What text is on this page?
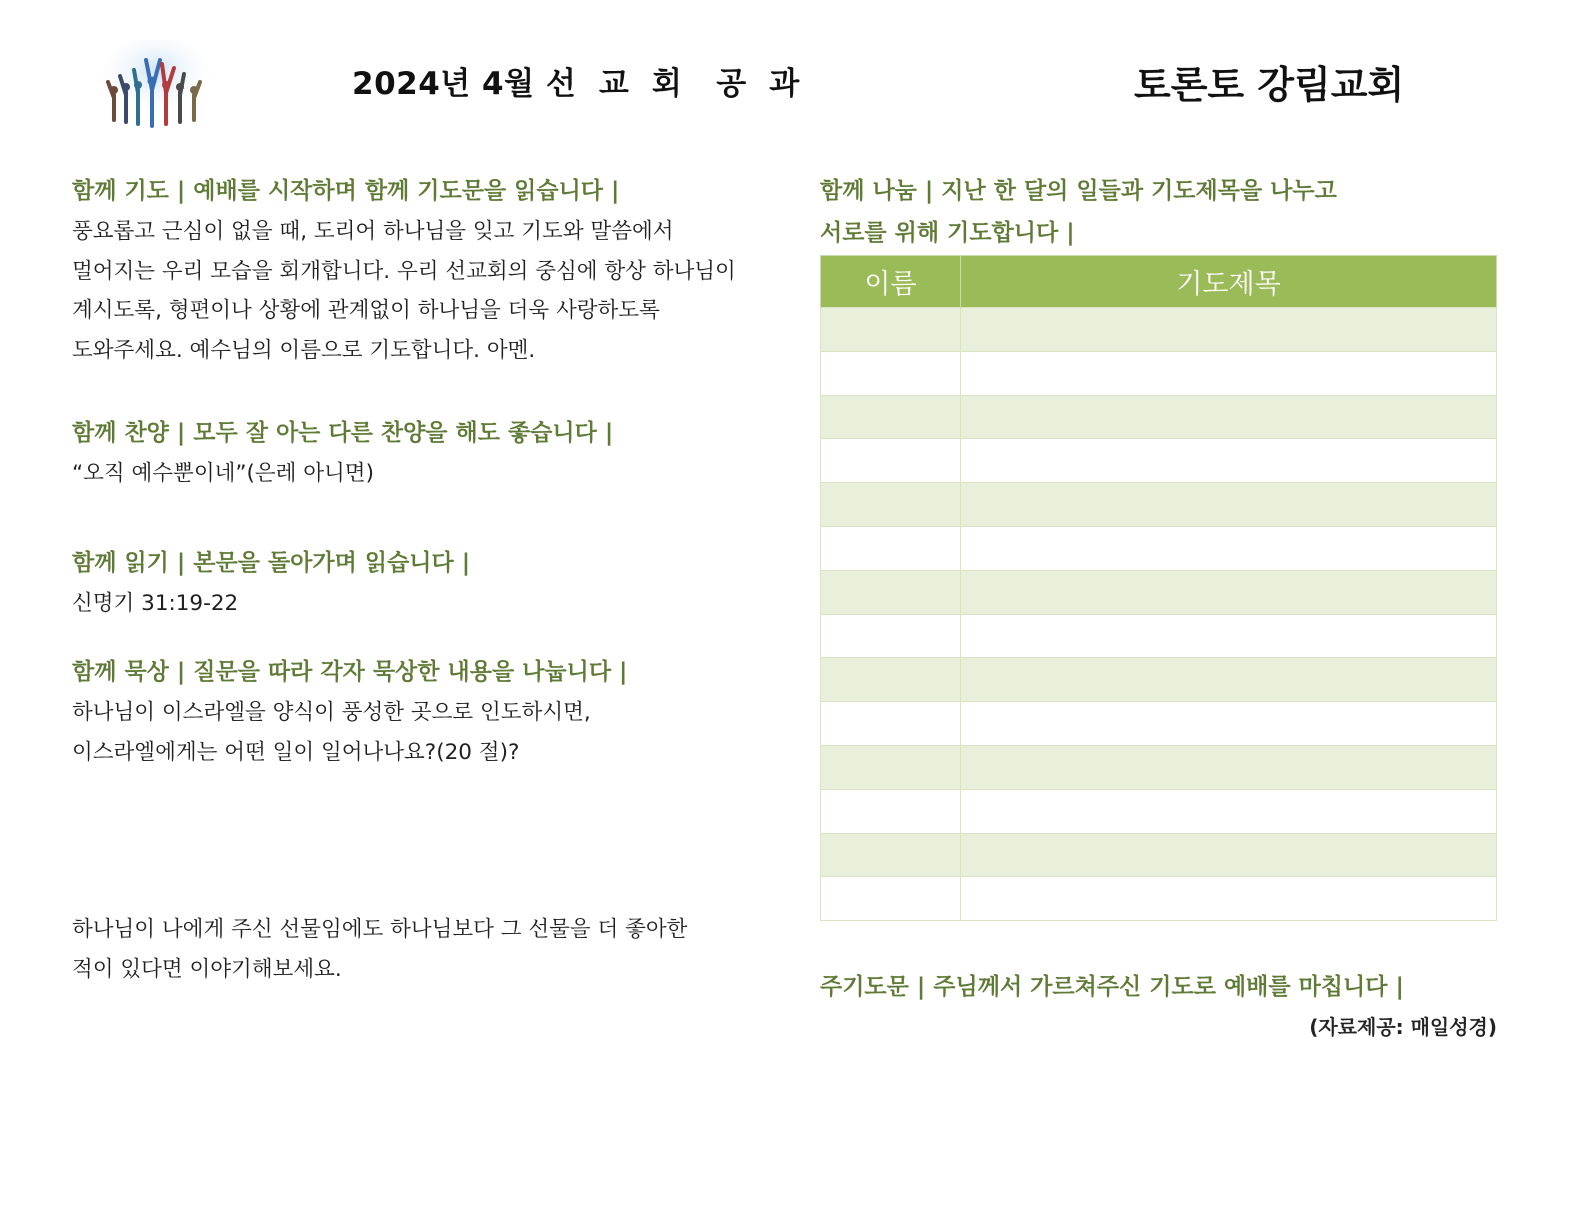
2024년 4월 선  교  회   공  과	토론토 강림교회
함께 기도 | 예배를 시작하며 함께 기도문을 읽습니다 |
풍요롭고 근심이 없을 때, 도리어 하나님을 잊고 기도와 말씀에서
멀어지는 우리 모습을 회개합니다. 우리 선교회의 중심에 항상 하나님이
계시도록, 형편이나 상황에 관계없이 하나님을 더욱 사랑하도록
도와주세요. 예수님의 이름으로 기도합니다. 아멘.
함께 찬양 | 모두 잘 아는 다른 찬양을 해도 좋습니다 |
“오직 예수뿐이네”(은레 아니면)
함께 읽기 | 본문을 돌아가며 읽습니다 |
신명기 31:19-22
함께 묵상 | 질문을 따라 각자 묵상한 내용을 나눕니다 |
하나님이 이스라엘을 양식이 풍성한 곳으로 인도하시면,
이스라엘에게는 어떤 일이 일어나나요?(20 절)?
하나님이 나에게 주신 선물임에도 하나님보다 그 선물을 더 좋아한
적이 있다면 이야기해보세요.
함께 나눔 | 지난 한 달의 일들과 기도제목을 나누고
서로를 위해 기도합니다 |
이름	기도제목

주기도문 | 주님께서 가르쳐주신 기도로 예배를 마칩니다 |
(자료제공: 매일성경)
